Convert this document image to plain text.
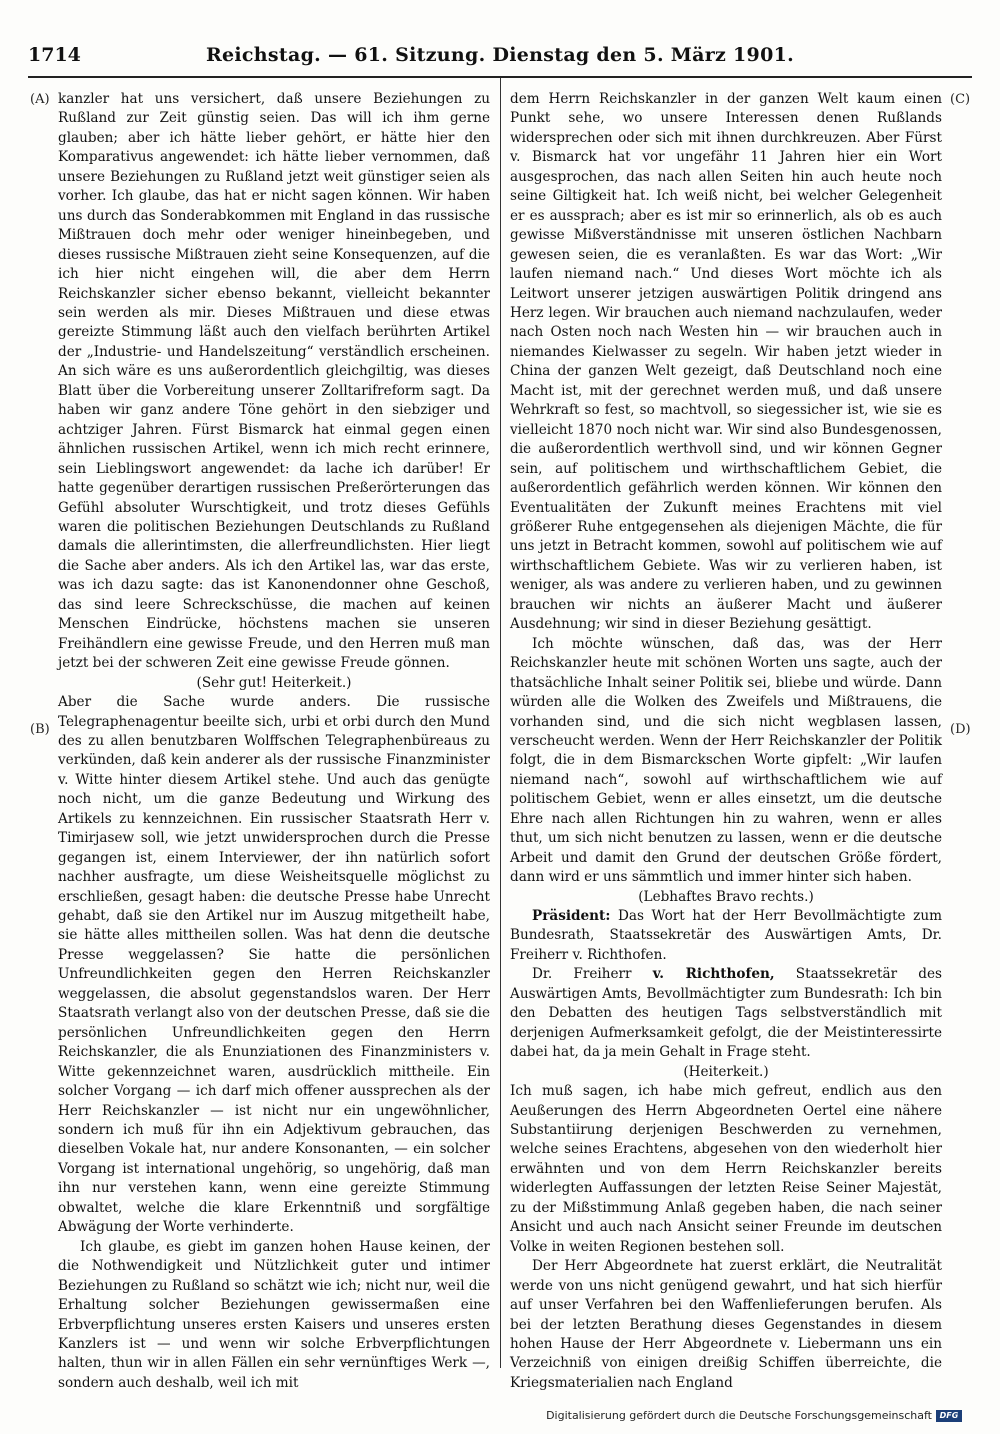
1714	Reichstag. — 61. Sitzung. Dienstag den 5. März 1901.
(A)
(B)
(C)
(D)

kanzler hat uns versichert, daß unsere Beziehungen zu Rußland zur Zeit günstig seien. Das will ich ihm gerne glauben; aber ich hätte lieber gehört, er hätte hier den Komparativus angewendet: ich hätte lieber vernommen, daß unsere Beziehungen zu Rußland jetzt weit günstiger seien als vorher. Ich glaube, das hat er nicht sagen können. Wir haben uns durch das Sonderabkommen mit England in das russische Mißtrauen doch mehr oder weniger hineinbegeben, und dieses russische Mißtrauen zieht seine Konsequenzen, auf die ich hier nicht eingehen will, die aber dem Herrn Reichskanzler sicher ebenso bekannt, vielleicht bekannter sein werden als mir. Dieses Mißtrauen und diese etwas gereizte Stimmung läßt auch den vielfach berührten Artikel der „Industrie- und Handelszeitung“ verständlich erscheinen. An sich wäre es uns außerordentlich gleichgiltig, was dieses Blatt über die Vorbereitung unserer Zolltarifreform sagt. Da haben wir ganz andere Töne gehört in den siebziger und achtziger Jahren. Fürst Bismarck hat einmal gegen einen ähnlichen russischen Artikel, wenn ich mich recht erinnere, sein Lieblingswort angewendet: da lache ich darüber! Er hatte gegenüber derartigen russischen Preßerörterungen das Gefühl absoluter Wurschtigkeit, und trotz dieses Gefühls waren die politischen Beziehungen Deutschlands zu Rußland damals die allerintimsten, die allerfreundlichsten. Hier liegt die Sache aber anders. Als ich den Artikel las, war das erste, was ich dazu sagte: das ist Kanonendonner ohne Geschoß, das sind leere Schreckschüsse, die machen auf keinen Menschen Eindrücke, höchstens machen sie unseren Freihändlern eine gewisse Freude, und den Herren muß man jetzt bei der schweren Zeit eine gewisse Freude gönnen.

(Sehr gut! Heiterkeit.)

Aber die Sache wurde anders. Die russische Telegraphenagentur beeilte sich, urbi et orbi durch den Mund des zu allen benutzbaren Wolffschen Telegraphenbüreaus zu verkünden, daß kein anderer als der russische Finanzminister v. Witte hinter diesem Artikel stehe. Und auch das genügte noch nicht, um die ganze Bedeutung und Wirkung des Artikels zu kennzeichnen. Ein russischer Staatsrath Herr v. Timirjasew soll, wie jetzt unwidersprochen durch die Presse gegangen ist, einem Interviewer, der ihn natürlich sofort nachher ausfragte, um diese Weisheitsquelle möglichst zu erschließen, gesagt haben: die deutsche Presse habe Unrecht gehabt, daß sie den Artikel nur im Auszug mitgetheilt habe, sie hätte alles mittheilen sollen. Was hat denn die deutsche Presse weggelassen? Sie hatte die persönlichen Unfreundlichkeiten gegen den Herren Reichskanzler weggelassen, die absolut gegenstandslos waren. Der Herr Staatsrath verlangt also von der deutschen Presse, daß sie die persönlichen Unfreundlichkeiten gegen den Herrn Reichskanzler, die als Enunziationen des Finanzministers v. Witte gekennzeichnet waren, ausdrücklich mittheile. Ein solcher Vorgang — ich darf mich offener aussprechen als der Herr Reichskanzler — ist nicht nur ein ungewöhnlicher, sondern ich muß für ihn ein Adjektivum gebrauchen, das dieselben Vokale hat, nur andere Konsonanten, — ein solcher Vorgang ist international ungehörig, so ungehörig, daß man ihn nur verstehen kann, wenn eine gereizte Stimmung obwaltet, welche die klare Erkenntniß und sorgfältige Abwägung der Worte verhinderte.

Ich glaube, es giebt im ganzen hohen Hause keinen, der die Nothwendigkeit und Nützlichkeit guter und intimer Beziehungen zu Rußland so schätzt wie ich; nicht nur, weil die Erhaltung solcher Beziehungen gewissermaßen eine Erbverpflichtung unseres ersten Kaisers und unseres ersten Kanzlers ist — und wenn wir solche Erbverpflichtungen halten, thun wir in allen Fällen ein sehr vernünftiges Werk —, sondern auch deshalb, weil ich mit

dem Herrn Reichskanzler in der ganzen Welt kaum einen Punkt sehe, wo unsere Interessen denen Rußlands widersprechen oder sich mit ihnen durchkreuzen. Aber Fürst v. Bismarck hat vor ungefähr 11 Jahren hier ein Wort ausgesprochen, das nach allen Seiten hin auch heute noch seine Giltigkeit hat. Ich weiß nicht, bei welcher Gelegenheit er es aussprach; aber es ist mir so erinnerlich, als ob es auch gewisse Mißverständnisse mit unseren östlichen Nachbarn gewesen seien, die es veranlaßten. Es war das Wort: „Wir laufen niemand nach.“ Und dieses Wort möchte ich als Leitwort unserer jetzigen auswärtigen Politik dringend ans Herz legen. Wir brauchen auch niemand nachzulaufen, weder nach Osten noch nach Westen hin — wir brauchen auch in niemandes Kielwasser zu segeln. Wir haben jetzt wieder in China der ganzen Welt gezeigt, daß Deutschland noch eine Macht ist, mit der gerechnet werden muß, und daß unsere Wehrkraft so fest, so machtvoll, so siegessicher ist, wie sie es vielleicht 1870 noch nicht war. Wir sind also Bundesgenossen, die außerordentlich werthvoll sind, und wir können Gegner sein, auf politischem und wirthschaftlichem Gebiet, die außerordentlich gefährlich werden können. Wir können den Eventualitäten der Zukunft meines Erachtens mit viel größerer Ruhe entgegensehen als diejenigen Mächte, die für uns jetzt in Betracht kommen, sowohl auf politischem wie auf wirthschaftlichem Gebiete. Was wir zu verlieren haben, ist weniger, als was andere zu verlieren haben, und zu gewinnen brauchen wir nichts an äußerer Macht und äußerer Ausdehnung; wir sind in dieser Beziehung gesättigt.

Ich möchte wünschen, daß das, was der Herr Reichskanzler heute mit schönen Worten uns sagte, auch der thatsächliche Inhalt seiner Politik sei, bliebe und würde. Dann würden alle die Wolken des Zweifels und Mißtrauens, die vorhanden sind, und die sich nicht wegblasen lassen, verscheucht werden. Wenn der Herr Reichskanzler der Politik folgt, die in dem Bismarckschen Worte gipfelt: „Wir laufen niemand nach“, sowohl auf wirthschaftlichem wie auf politischem Gebiet, wenn er alles einsetzt, um die deutsche Ehre nach allen Richtungen hin zu wahren, wenn er alles thut, um sich nicht benutzen zu lassen, wenn er die deutsche Arbeit und damit den Grund der deutschen Größe fördert, dann wird er uns sämmtlich und immer hinter sich haben.

(Lebhaftes Bravo rechts.)

Präsident: Das Wort hat der Herr Bevollmächtigte zum Bundesrath, Staatssekretär des Auswärtigen Amts, Dr. Freiherr v. Richthofen.

Dr. Freiherr v. Richthofen, Staatssekretär des Auswärtigen Amts, Bevollmächtigter zum Bundesrath: Ich bin den Debatten des heutigen Tags selbstverständlich mit derjenigen Aufmerksamkeit gefolgt, die der Meistinteressirte dabei hat, da ja mein Gehalt in Frage steht.

(Heiterkeit.)

Ich muß sagen, ich habe mich gefreut, endlich aus den Aeußerungen des Herrn Abgeordneten Oertel eine nähere Substantiirung derjenigen Beschwerden zu vernehmen, welche seines Erachtens, abgesehen von den wiederholt hier erwähnten und von dem Herrn Reichskanzler bereits widerlegten Auffassungen der letzten Reise Seiner Majestät, zu der Mißstimmung Anlaß gegeben haben, die nach seiner Ansicht und auch nach Ansicht seiner Freunde im deutschen Volke in weiten Regionen bestehen soll.

Der Herr Abgeordnete hat zuerst erklärt, die Neutralität werde von uns nicht genügend gewahrt, und hat sich hierfür auf unser Verfahren bei den Waffenlieferungen berufen. Als bei der letzten Berathung dieses Gegenstandes in diesem hohen Hause der Herr Abgeordnete v. Liebermann uns ein Verzeichniß von einigen dreißig Schiffen überreichte, die Kriegsmaterialien nach England

Digitalisierung gefördert durch die Deutsche Forschungsgemeinschaft DFG
